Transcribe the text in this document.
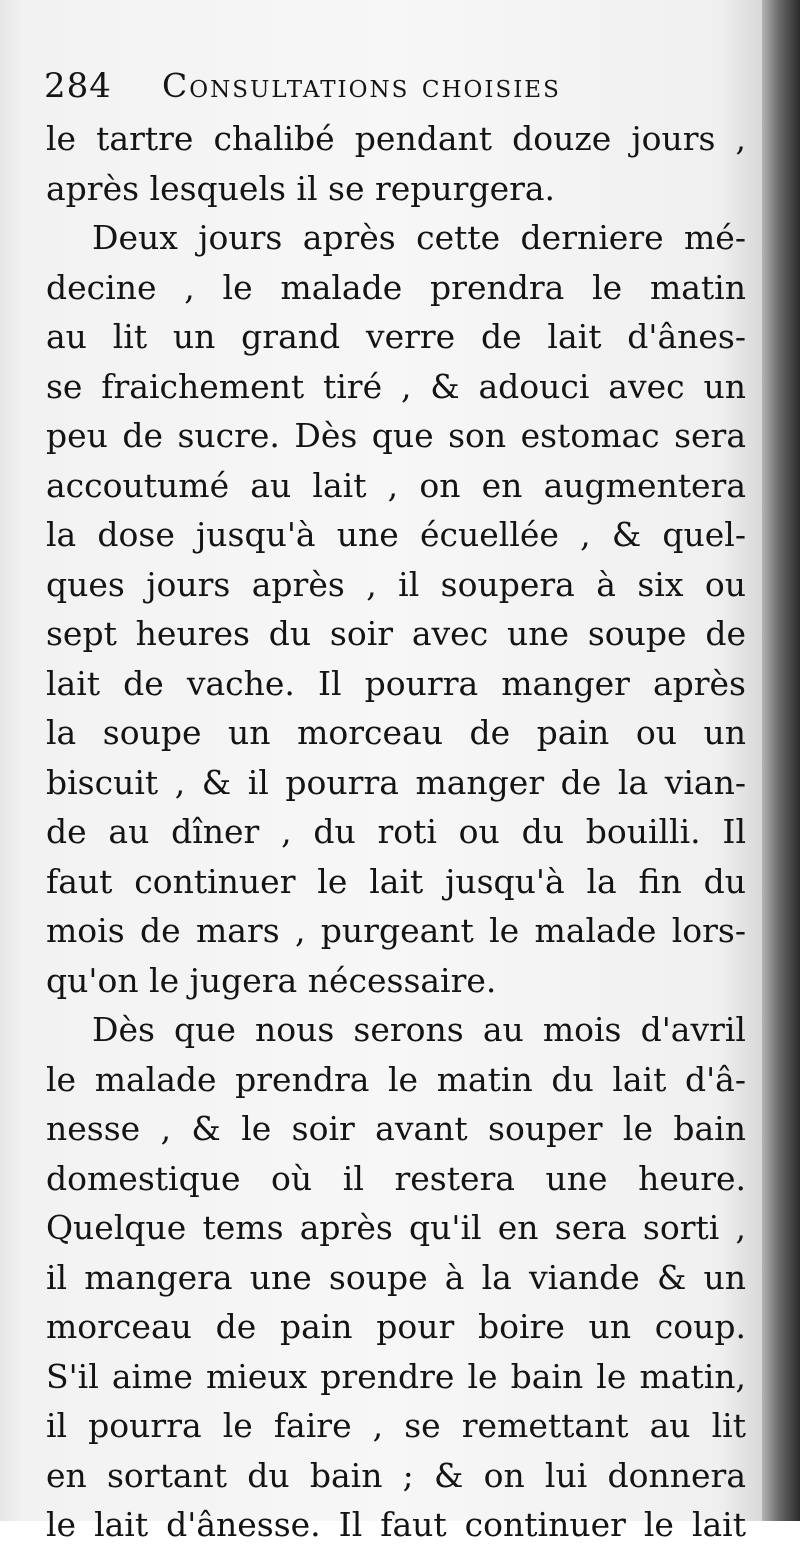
284 Consultations choisies
le tartre chalibé pendant douze jours ,
après lesquels il se repurgera.
Deux jours après cette derniere mé-
decine , le malade prendra le matin
au lit un grand verre de lait d'ânes-
se fraichement tiré , & adouci avec un
peu de sucre. Dès que son estomac sera
accoutumé au lait , on en augmentera
la dose jusqu'à une écuellée , & quel-
ques jours après , il soupera à six ou
sept heures du soir avec une soupe de
lait de vache. Il pourra manger après
la soupe un morceau de pain ou un
biscuit , & il pourra manger de la vian-
de au dîner , du roti ou du bouilli. Il
faut continuer le lait jusqu'à la fin du
mois de mars , purgeant le malade lors-
qu'on le jugera nécessaire.
Dès que nous serons au mois d'avril
le malade prendra le matin du lait d'â-
nesse , & le soir avant souper le bain
domestique où il restera une heure.
Quelque tems après qu'il en sera sorti ,
il mangera une soupe à la viande & un
morceau de pain pour boire un coup.
S'il aime mieux prendre le bain le matin,
il pourra le faire , se remettant au lit
en sortant du bain ; & on lui donnera
le lait d'ânesse. Il faut continuer le lait
